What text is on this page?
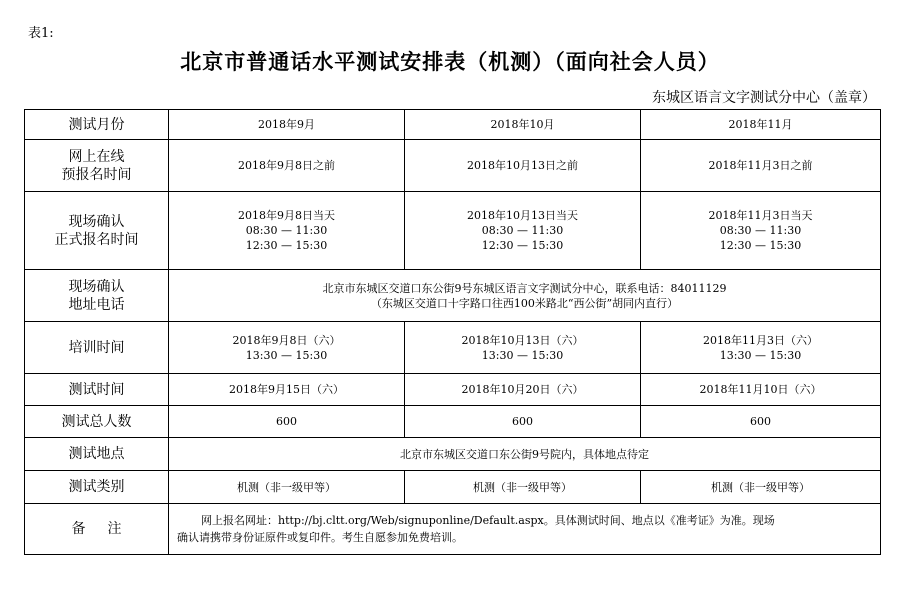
表1:
北京市普通话水平测试安排表（机测）（面向社会人员）
东城区语言文字测试分中心（盖章）
测试月份	2018年9月	2018年10月	2018年11月

网上在线
预报名时间	2018年9月8日之前	2018年10月13日之前	2018年11月3日之前

现场确认
正式报名时间	2018年9月8日当天
08:30 — 11:30
12:30 — 15:30	2018年10月13日当天
08:30 — 11:30
12:30 — 15:30	2018年11月3日当天
08:30 — 11:30
12:30 — 15:30

现场确认
地址电话	北京市东城区交道口东公街9号东城区语言文字测试分中心，联系电话：84011129
（东城区交道口十字路口往西100米路北“西公街”胡同内直行）		

培训时间	2018年9月8日（六）
13:30 — 15:30	2018年10月13日（六）
13:30 — 15:30	2018年11月3日（六）
13:30 — 15:30

测试时间	2018年9月15日（六）	2018年10月20日（六）	2018年11月10日（六）
测试总人数	600	600	600
测试地点	北京市东城区交道口东公街9号院内，具体地点待定		
测试类别	机测（非一级甲等）	机测（非一级甲等）	机测（非一级甲等）
备注	网上报名网址：http://bj.cltt.org/Web/signuponline/Default.aspx。具体测试时间、地点以《准考证》为准。现场
确认请携带身份证原件或复印件。考生自愿参加免费培训。		
